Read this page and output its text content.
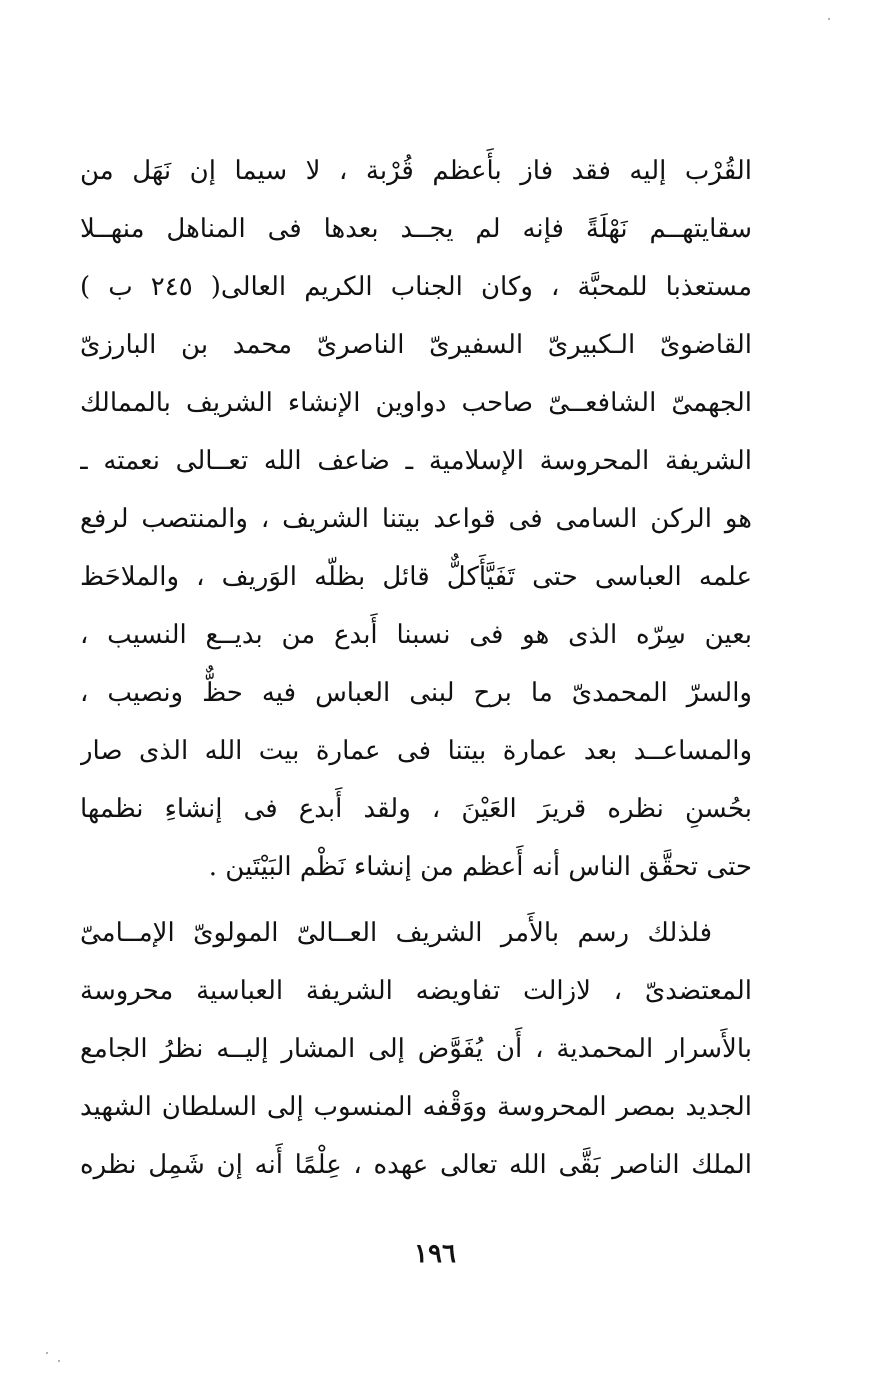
القُرْب إليه فقد فاز بأَعظم قُرْبة ، لا سيما إن نَهَل من
سقايتهــم نَهْلَةً فإنه لم يجــد بعدها فى المناهل منهــلا
مستعذبا للمحبَّة ، وكان الجناب الكريم العالى( ٢٤٥ ب )
القاضوىّ الـكبيرىّ السفيرىّ الناصرىّ محمد بن البارزىّ
الجهمىّ الشافعــىّ صاحب دواوين الإنشاء الشريف بالممالك
الشريفة المحروسة الإسلامية ـ ضاعف الله تعــالى نعمته ـ
هو الركن السامى فى قواعد بيتنا الشريف ، والمنتصب لرفع
علمه العباسى حتى تَفَيَّأَكلٌّ قائل بظلّه الوَريف ، والملاحَظ
بعين سِرّه الذى هو فى نسبنا أَبدع من بديــع النسيب ،
والسرّ المحمدىّ ما برح لبنى العباس فيه حظٌّ ونصيب ،
والمساعــد بعد عمارة بيتنا فى عمارة بيت الله الذى صار
بحُسنِ نظره قريرَ العَيْنَ ، ولقد أَبدع فى إنشاءِ نظمها
حتى تحقَّق الناس أنه أَعظم من إنشاء نَظْم البَيْتَين .
فلذلك رسم بالأَمر الشريف العــالىّ المولوىّ الإمــامىّ
المعتضدىّ ، لازالت تفاويضه الشريفة العباسية محروسة
بالأَسرار المحمدية ، أَن يُفَوَّض إلى المشار إليــه نظرُ الجامع
الجديد بمصر المحروسة ووَقْفه المنسوب إلى السلطان الشهيد
الملك الناصر بَقَّى الله تعالى عهده ، عِلْمًا أَنه إن شَمِل نظره
١٩٦
